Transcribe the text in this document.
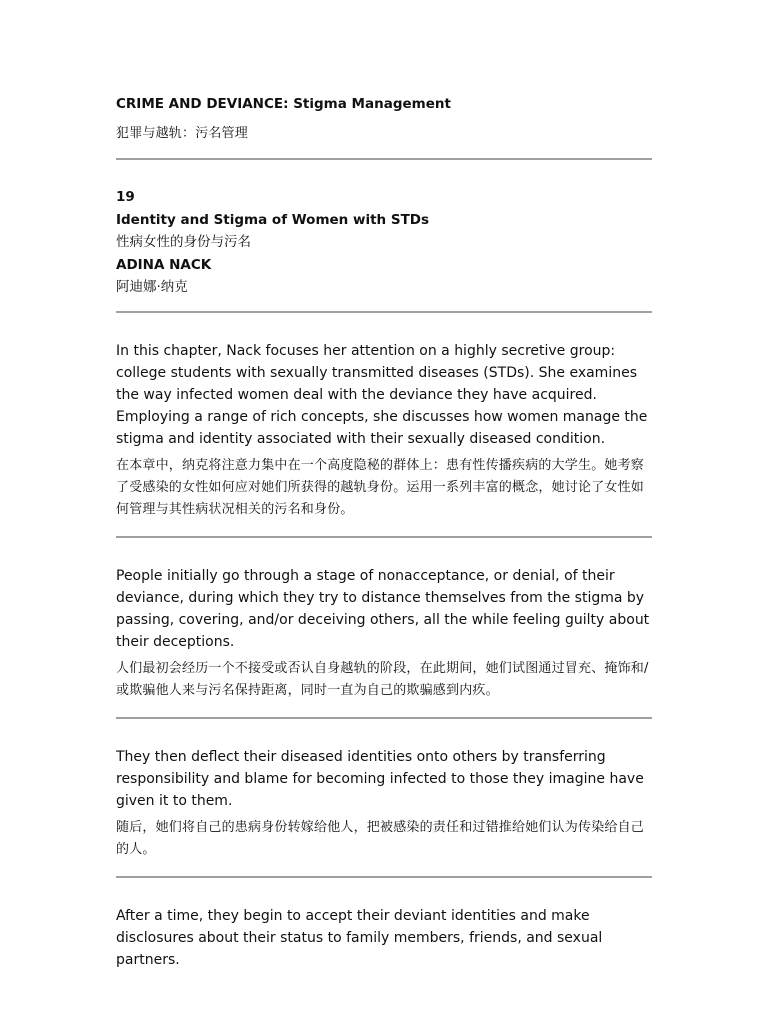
CRIME AND DEVIANCE: Stigma Management

犯罪与越轨：污名管理

19

Identity and Stigma of Women with STDs

性病女性的身份与污名

ADINA NACK

阿迪娜·纳克

In this chapter, Nack focuses her attention on a highly secretive group: college students with sexually transmitted diseases (STDs). She examines the way infected women deal with the deviance they have acquired. Employing a range of rich concepts, she discusses how women manage the stigma and identity associated with their sexually diseased condition.

在本章中，纳克将注意力集中在一个高度隐秘的群体上：患有性传播疾病的大学生。她考察了受感染的女性如何应对她们所获得的越轨身份。运用一系列丰富的概念，她讨论了女性如何管理与其性病状况相关的污名和身份。

People initially go through a stage of nonacceptance, or denial, of their deviance, during which they try to distance themselves from the stigma by passing, covering, and/or deceiving others, all the while feeling guilty about their deceptions.

人们最初会经历一个不接受或否认自身越轨的阶段，在此期间，她们试图通过冒充、掩饰和/或欺骗他人来与污名保持距离，同时一直为自己的欺骗感到内疚。

They then deflect their diseased identities onto others by transferring responsibility and blame for becoming infected to those they imagine have given it to them.

随后，她们将自己的患病身份转嫁给他人，把被感染的责任和过错推给她们认为传染给自己的人。

After a time, they begin to accept their deviant identities and make disclosures about their status to family members, friends, and sexual partners.
